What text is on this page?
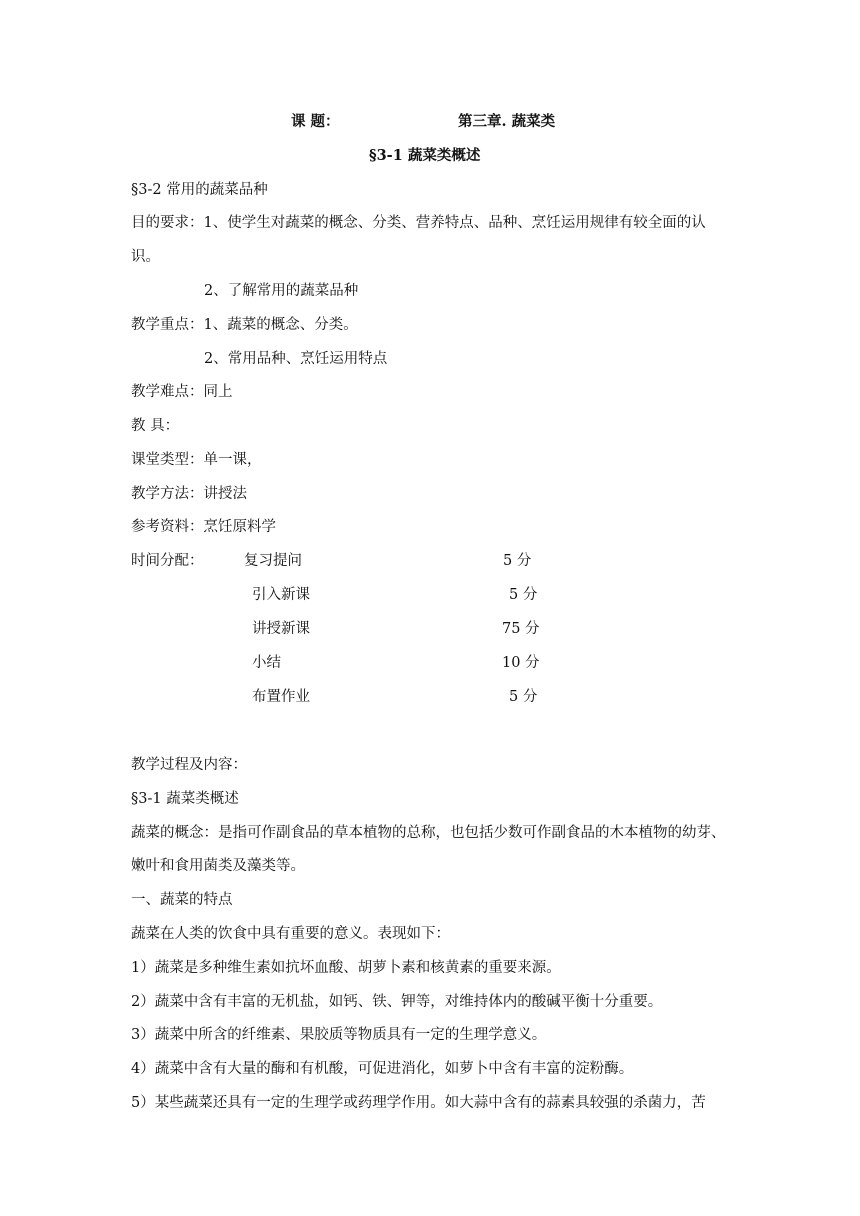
课 题：	第三章. 蔬菜类
§3-1 蔬菜类概述
§3-2 常用的蔬菜品种
目的要求：1、使学生对蔬菜的概念、分类、营养特点、品种、烹饪运用规律有较全面的认
识。
2、了解常用的蔬菜品种
教学重点：1、蔬菜的概念、分类。
2、常用品种、烹饪运用特点
教学难点：同上
教 具：
课堂类型：单一课，
教学方法：讲授法
参考资料：烹饪原料学
时间分配：	复习提问	5 分
引入新课	5 分
讲授新课	75 分
小结	10 分
布置作业	5 分
教学过程及内容：
§3-1 蔬菜类概述
蔬菜的概念：是指可作副食品的草本植物的总称，也包括少数可作副食品的木本植物的幼芽、
嫩叶和食用菌类及藻类等。
一、蔬菜的特点
蔬菜在人类的饮食中具有重要的意义。表现如下：
1）蔬菜是多种维生素如抗坏血酸、胡萝卜素和核黄素的重要来源。
2）蔬菜中含有丰富的无机盐，如钙、铁、钾等，对维持体内的酸碱平衡十分重要。
3）蔬菜中所含的纤维素、果胶质等物质具有一定的生理学意义。
4）蔬菜中含有大量的酶和有机酸，可促进消化，如萝卜中含有丰富的淀粉酶。
5）某些蔬菜还具有一定的生理学或药理学作用。如大蒜中含有的蒜素具较强的杀菌力，苦
